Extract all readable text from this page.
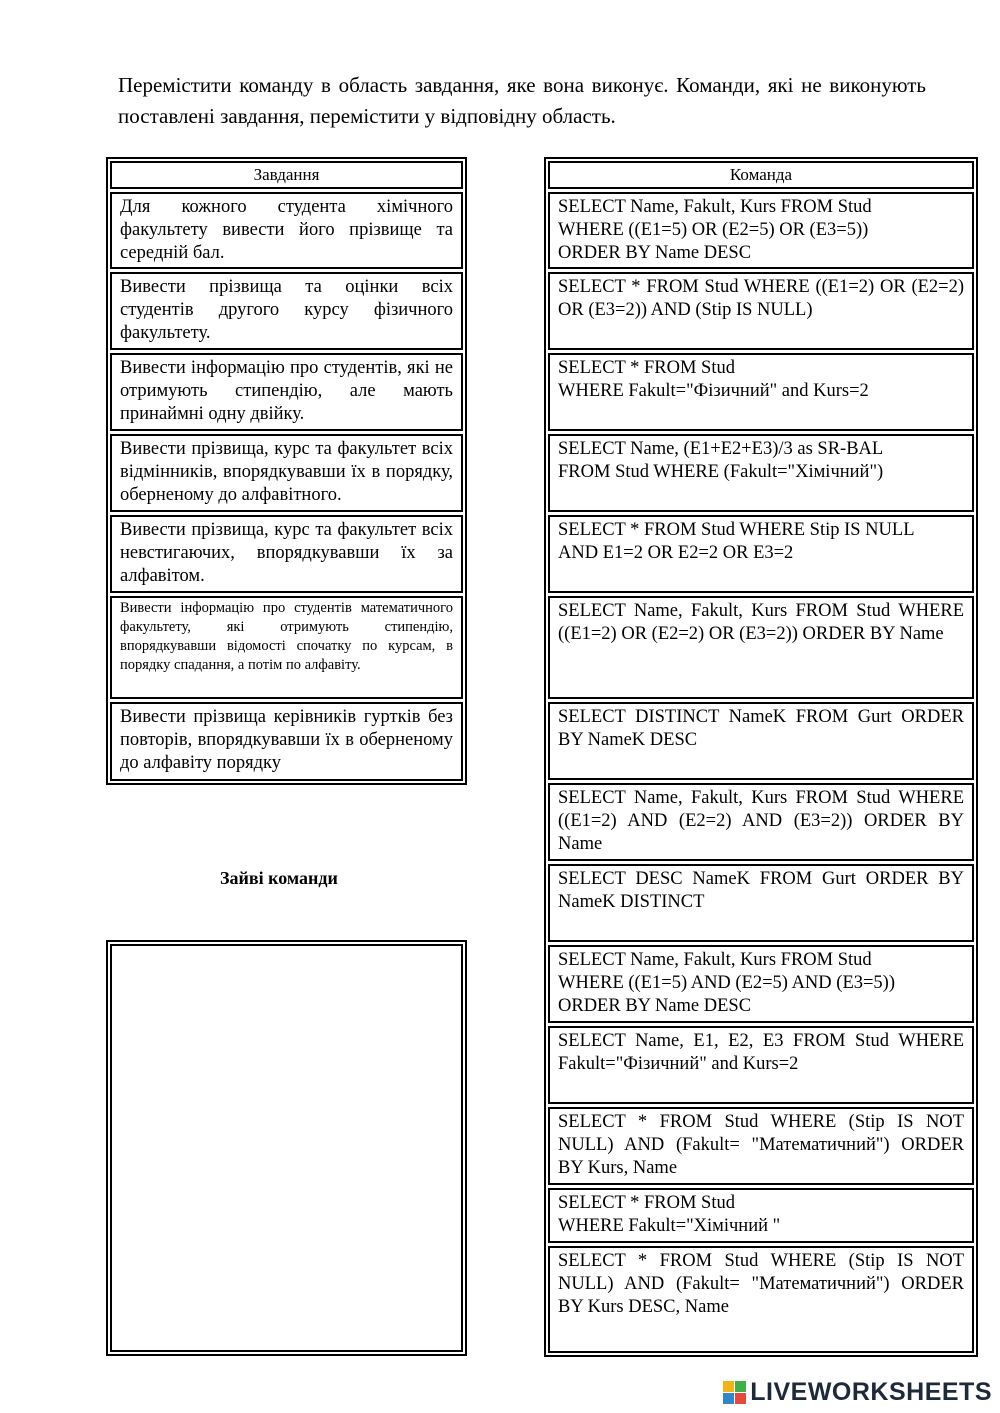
Перемістити команду в область завдання, яке вона виконує. Команди, які не виконують поставлені завдання, перемістити у відповідну область.

Завдання
Для кожного студента хімічного факультету вивести його прізвище та середній бал.
Вивести прізвища та оцінки всіх студентів другого курсу фізичного факультету.
Вивести інформацію про студентів, які не отримують стипендію, але мають принаймні одну двійку.
Вивести прізвища, курс та факультет всіх відмінників, впорядкувавши їх в порядку, оберненому до алфавітного.
Вивести прізвища, курс та факультет всіх невстигаючих, впорядкувавши їх за алфавітом.
Вивести інформацію про студентів математичного факультету, які отримують стипендію, впорядкувавши відомості спочатку по курсам, в порядку спадання, а потім по алфавіту.
Вивести прізвища керівників гуртків без повторів, впорядкувавши їх в оберненому до алфавіту порядку
Зайві команди
Команда
SELECT Name, Fakult, Kurs FROM Stud
WHERE ((E1=5) OR (E2=5) OR (E3=5))
ORDER BY Name DESC
SELECT * FROM Stud WHERE ((E1=2) OR (E2=2) OR (E3=2)) AND (Stip IS NULL)
SELECT * FROM Stud
WHERE Fakult="Фізичний" and Kurs=2
SELECT Name, (E1+E2+E3)/3 as SR-BAL
FROM Stud WHERE (Fakult="Хімічний")
SELECT * FROM Stud WHERE Stip IS NULL
AND E1=2 OR E2=2 OR E3=2
SELECT Name, Fakult, Kurs FROM Stud WHERE ((E1=2) OR (E2=2) OR (E3=2)) ORDER BY Name
SELECT DISTINCT NameK FROM Gurt ORDER BY NameK DESC
SELECT Name, Fakult, Kurs FROM Stud WHERE ((E1=2) AND (E2=2) AND (E3=2)) ORDER BY Name
SELECT DESC NameK FROM Gurt ORDER BY NameK DISTINCT
SELECT Name, Fakult, Kurs FROM Stud
WHERE ((E1=5) AND (E2=5) AND (E3=5))
ORDER BY Name DESC
SELECT Name, E1, E2, E3 FROM Stud WHERE Fakult="Фізичний" and Kurs=2
SELECT * FROM Stud WHERE (Stip IS NOT NULL) AND (Fakult= "Математичний") ORDER BY Kurs, Name
SELECT * FROM Stud
WHERE Fakult="Хімічний "
SELECT * FROM Stud WHERE (Stip IS NOT NULL) AND (Fakult= "Математичний") ORDER BY Kurs DESC, Name
LIVEWORKSHEETS
